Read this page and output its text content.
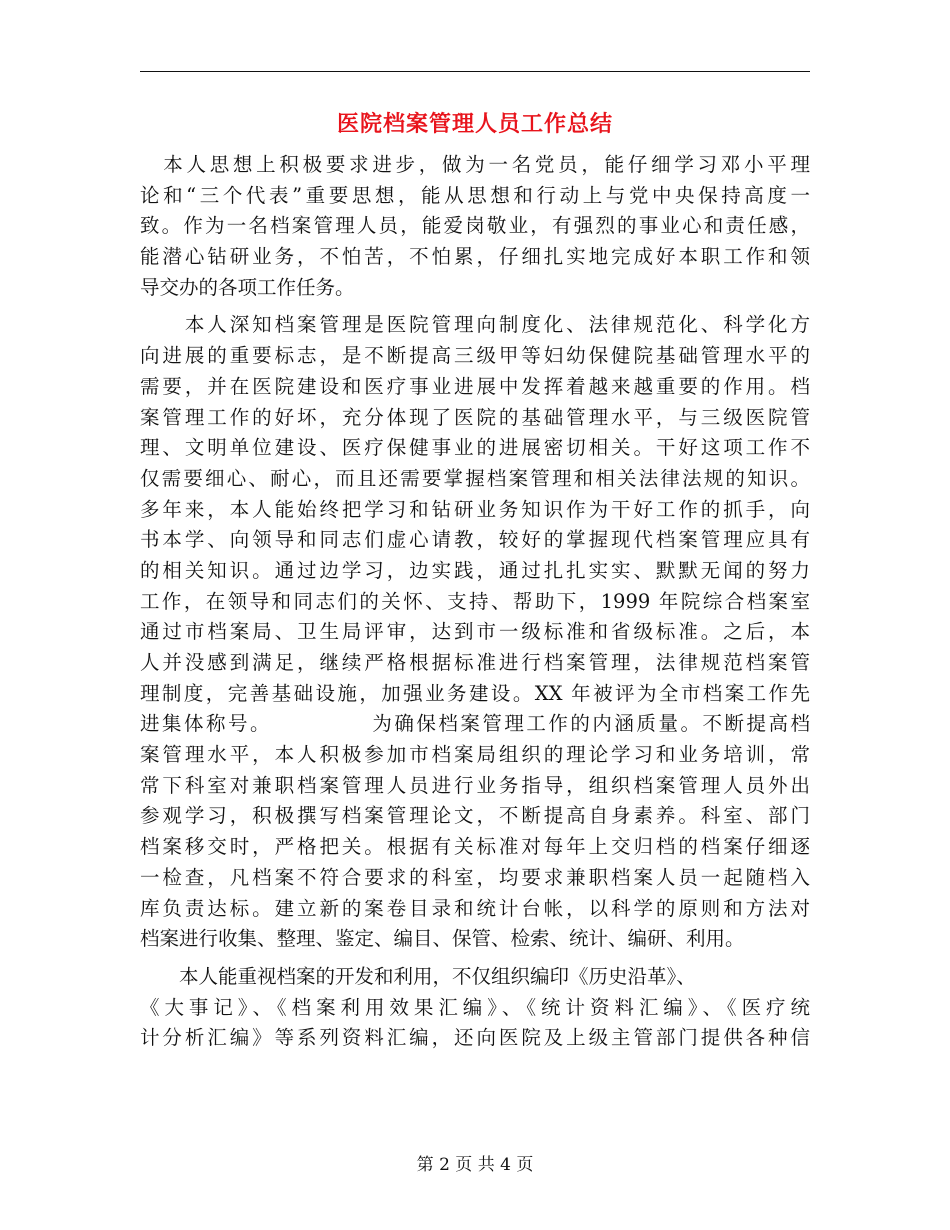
医院档案管理人员工作总结
　本人思想上积极要求进步，做为一名党员，能仔细学习邓小平理
论和“三个代表”重要思想，能从思想和行动上与党中央保持高度一
致。作为一名档案管理人员，能爱岗敬业，有强烈的事业心和责任感，
能潜心钻研业务，不怕苦，不怕累，仔细扎实地完成好本职工作和领
导交办的各项工作任务。
　　本人深知档案管理是医院管理向制度化、法律规范化、科学化方
向进展的重要标志，是不断提高三级甲等妇幼保健院基础管理水平的
需要，并在医院建设和医疗事业进展中发挥着越来越重要的作用。档
案管理工作的好坏，充分体现了医院的基础管理水平，与三级医院管
理、文明单位建设、医疗保健事业的进展密切相关。干好这项工作不
仅需要细心、耐心，而且还需要掌握档案管理和相关法律法规的知识。
多年来，本人能始终把学习和钻研业务知识作为干好工作的抓手，向
书本学、向领导和同志们虚心请教，较好的掌握现代档案管理应具有
的相关知识。通过边学习，边实践，通过扎扎实实、默默无闻的努力
工作，在领导和同志们的关怀、支持、帮助下，1999 年院综合档案室
通过市档案局、卫生局评审，达到市一级标准和省级标准。之后，本
人并没感到满足，继续严格根据标准进行档案管理，法律规范档案管
理制度，完善基础设施，加强业务建设。XX 年被评为全市档案工作先
进集体称号。　　　　　为确保档案管理工作的内涵质量。不断提高档
案管理水平，本人积极参加市档案局组织的理论学习和业务培训，常
常下科室对兼职档案管理人员进行业务指导，组织档案管理人员外出
参观学习，积极撰写档案管理论文，不断提高自身素养。科室、部门
档案移交时，严格把关。根据有关标准对每年上交归档的档案仔细逐
一检查，凡档案不符合要求的科室，均要求兼职档案人员一起随档入
库负责达标。建立新的案卷目录和统计台帐，以科学的原则和方法对
档案进行收集、整理、鉴定、编目、保管、检索、统计、编研、利用。
　　本人能重视档案的开发和利用，不仅组织编印《历史沿革》、
《大事记》、《档案利用效果汇编》、《统计资料汇编》、《医疗统
计分析汇编》等系列资料汇编，还向医院及上级主管部门提供各种信
第 2 页 共 4 页
